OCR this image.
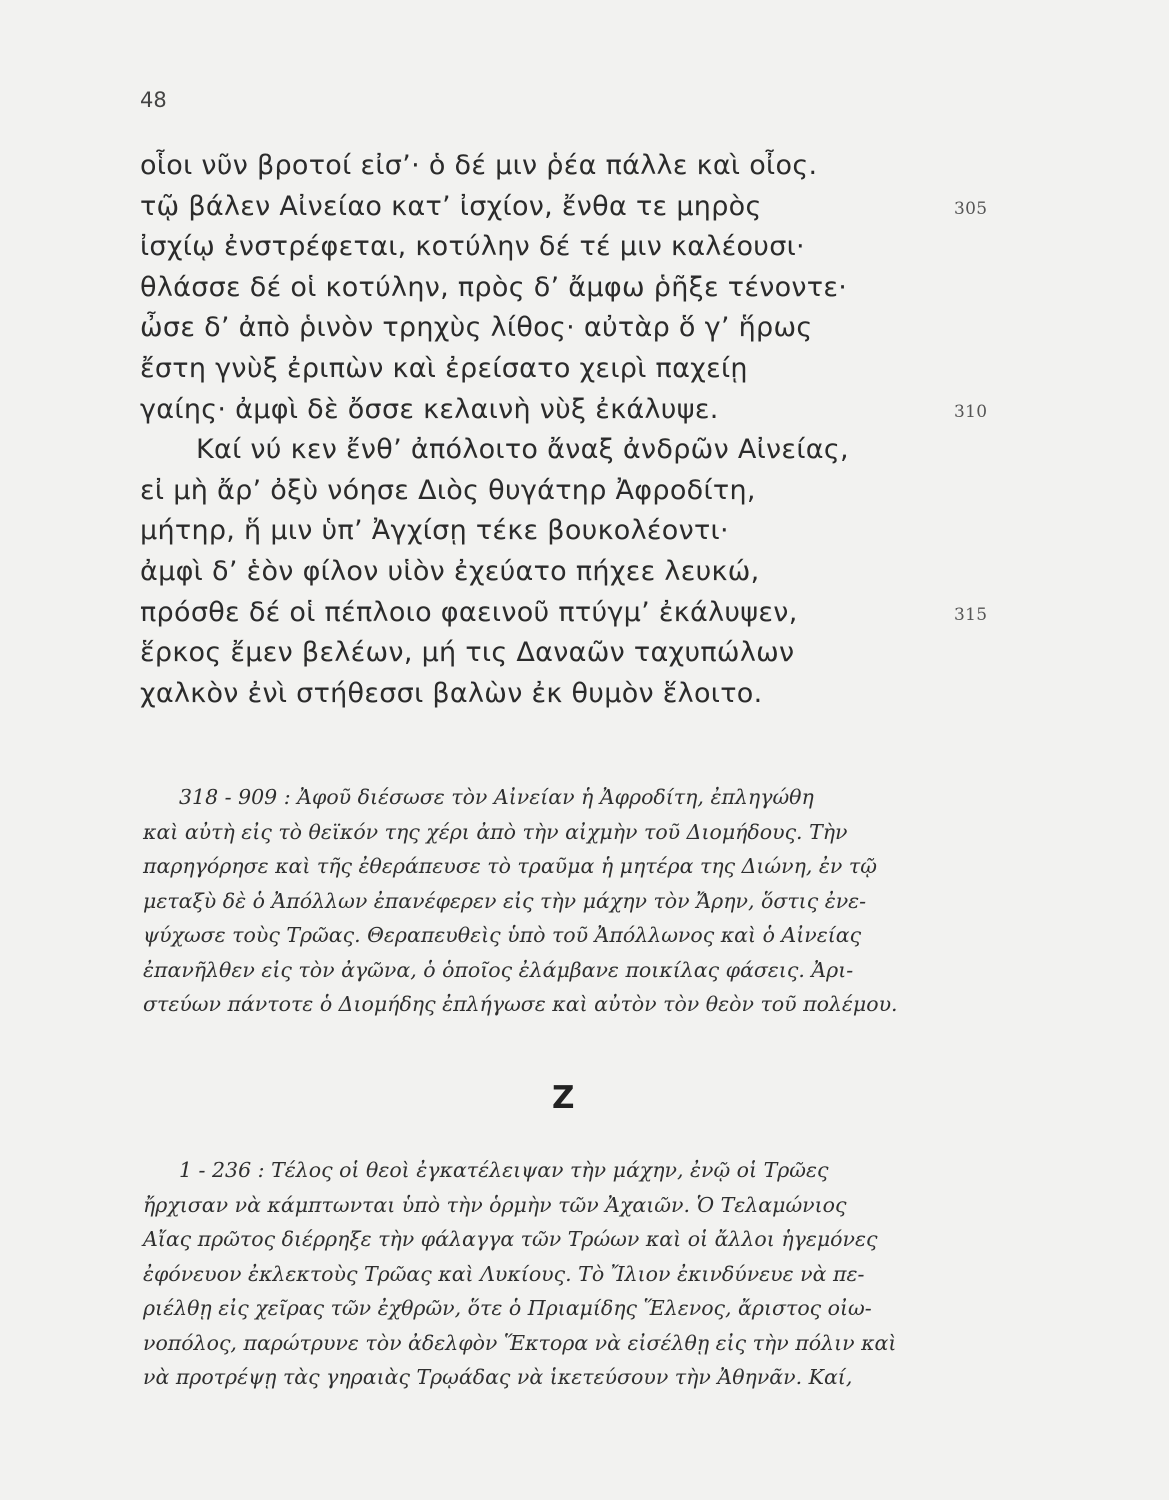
48
οἷοι νῦν βροτοί εἰσ’· ὁ δέ μιν ῥέα πάλλε καὶ οἶος.
τῷ βάλεν Αἰνείαο κατ’ ἰσχίον, ἔνθα τε μηρὸς	305
ἰσχίῳ ἐνστρέφεται, κοτύλην δέ τέ μιν καλέουσι·
θλάσσε δέ οἱ κοτύλην, πρὸς δ’ ἄμφω ῥῆξε τένοντε·
ὦσε δ’ ἀπὸ ῥινὸν τρηχὺς λίθος· αὐτὰρ ὅ γ’ ἥρως
ἔστη γνὺξ ἐριπὼν καὶ ἐρείσατο χειρὶ παχείῃ
γαίης· ἀμφὶ δὲ ὄσσε κελαινὴ νὺξ ἐκάλυψε.	310
Καί νύ κεν ἔνθ’ ἀπόλοιτο ἄναξ ἀνδρῶν Αἰνείας,
εἰ μὴ ἄρ’ ὀξὺ νόησε Διὸς θυγάτηρ Ἀφροδίτη,
μήτηρ, ἥ μιν ὑπ’ Ἀγχίσῃ τέκε βουκολέοντι·
ἀμφὶ δ’ ἑὸν φίλον υἱὸν ἐχεύατο πήχεε λευκώ,
πρόσθε δέ οἱ πέπλοιο φαεινοῦ πτύγμ’ ἐκάλυψεν,	315
ἕρκος ἔμεν βελέων, μή τις Δαναῶν ταχυπώλων
χαλκὸν ἐνὶ στήθεσσι βαλὼν ἐκ θυμὸν ἕλοιτο.
318 - 909 : Ἀφοῦ διέσωσε τὸν Αἰνείαν ἡ Ἀφροδίτη, ἐπληγώθη
καὶ αὐτὴ εἰς τὸ θεϊκόν της χέρι ἀπὸ τὴν αἰχμὴν τοῦ Διομήδους. Τὴν
παρηγόρησε καὶ τῆς ἐθεράπευσε τὸ τραῦμα ἡ μητέρα της Διώνη, ἐν τῷ
μεταξὺ δὲ ὁ Ἀπόλλων ἐπανέφερεν εἰς τὴν μάχην τὸν Ἄρην, ὅστις ἐνε-
ψύχωσε τοὺς Τρῶας. Θεραπευθεὶς ὑπὸ τοῦ Ἀπόλλωνος καὶ ὁ Αἰνείας
ἐπανῆλθεν εἰς τὸν ἀγῶνα, ὁ ὁποῖος ἐλάμβανε ποικίλας φάσεις. Ἀρι-
στεύων πάντοτε ὁ Διομήδης ἐπλήγωσε καὶ αὐτὸν τὸν θεὸν τοῦ πολέμου.
Ζ
1 - 236 : Τέλος οἱ θεοὶ ἐγκατέλειψαν τὴν μάχην, ἐνῷ οἱ Τρῶες
ἤρχισαν νὰ κάμπτωνται ὑπὸ τὴν ὁρμὴν τῶν Ἀχαιῶν. Ὁ Τελαμώνιος
Αἴας πρῶτος διέρρηξε τὴν φάλαγγα τῶν Τρώων καὶ οἱ ἄλλοι ἡγεμόνες
ἐφόνευον ἐκλεκτοὺς Τρῶας καὶ Λυκίους. Τὸ Ἴλιον ἐκινδύνευε νὰ πε-
ριέλθῃ εἰς χεῖρας τῶν ἐχθρῶν, ὅτε ὁ Πριαμίδης Ἕλενος, ἄριστος οἰω-
νοπόλος, παρώτρυνε τὸν ἀδελφὸν Ἕκτορα νὰ εἰσέλθῃ εἰς τὴν πόλιν καὶ
νὰ προτρέψῃ τὰς γηραιὰς Τρῳάδας νὰ ἱκετεύσουν τὴν Ἀθηνᾶν. Καί,
